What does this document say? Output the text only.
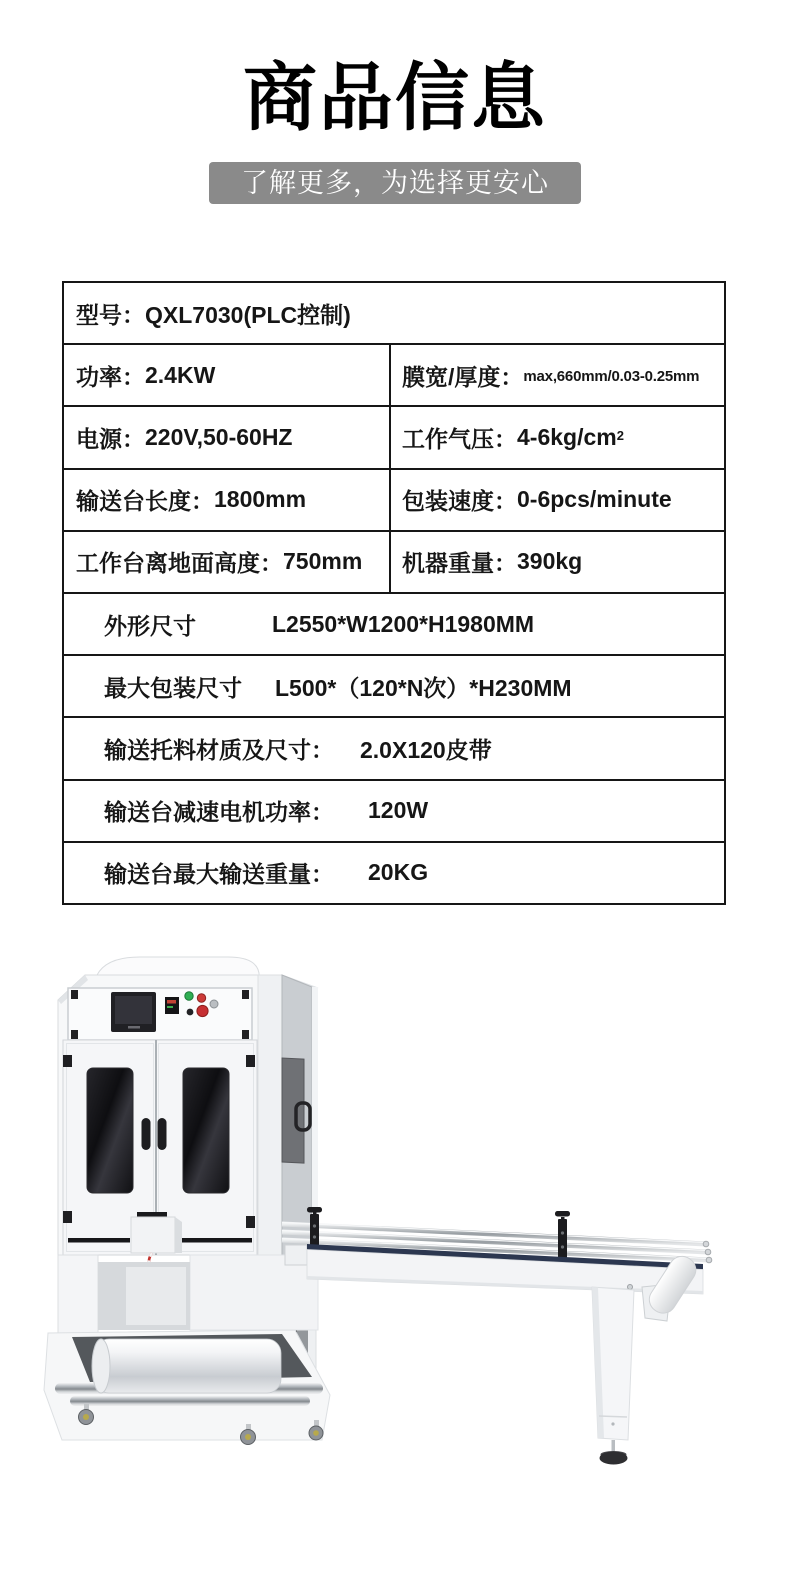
商品信息
了解更多，为选择更安心
型号： QXL7030(PLC控制)
功率： 2.4KW	膜宽/厚度： max,660mm/0.03-0.25mm
电源： 220V,50-60HZ	工作气压： $4-6kg/cm^2$
输送台长度： 1800mm	包装速度： 0-6pcs/minute
工作台离地面高度： 750mm 机器重量： 390kg
外形尺寸	L2550*W1200*H1980MM
最大包装尺寸	L500*（120*N次）*H230MM
输送托料材质及尺寸：	2.0X120皮带
输送台减速电机功率：	120W
输送台最大输送重量：	20KG
